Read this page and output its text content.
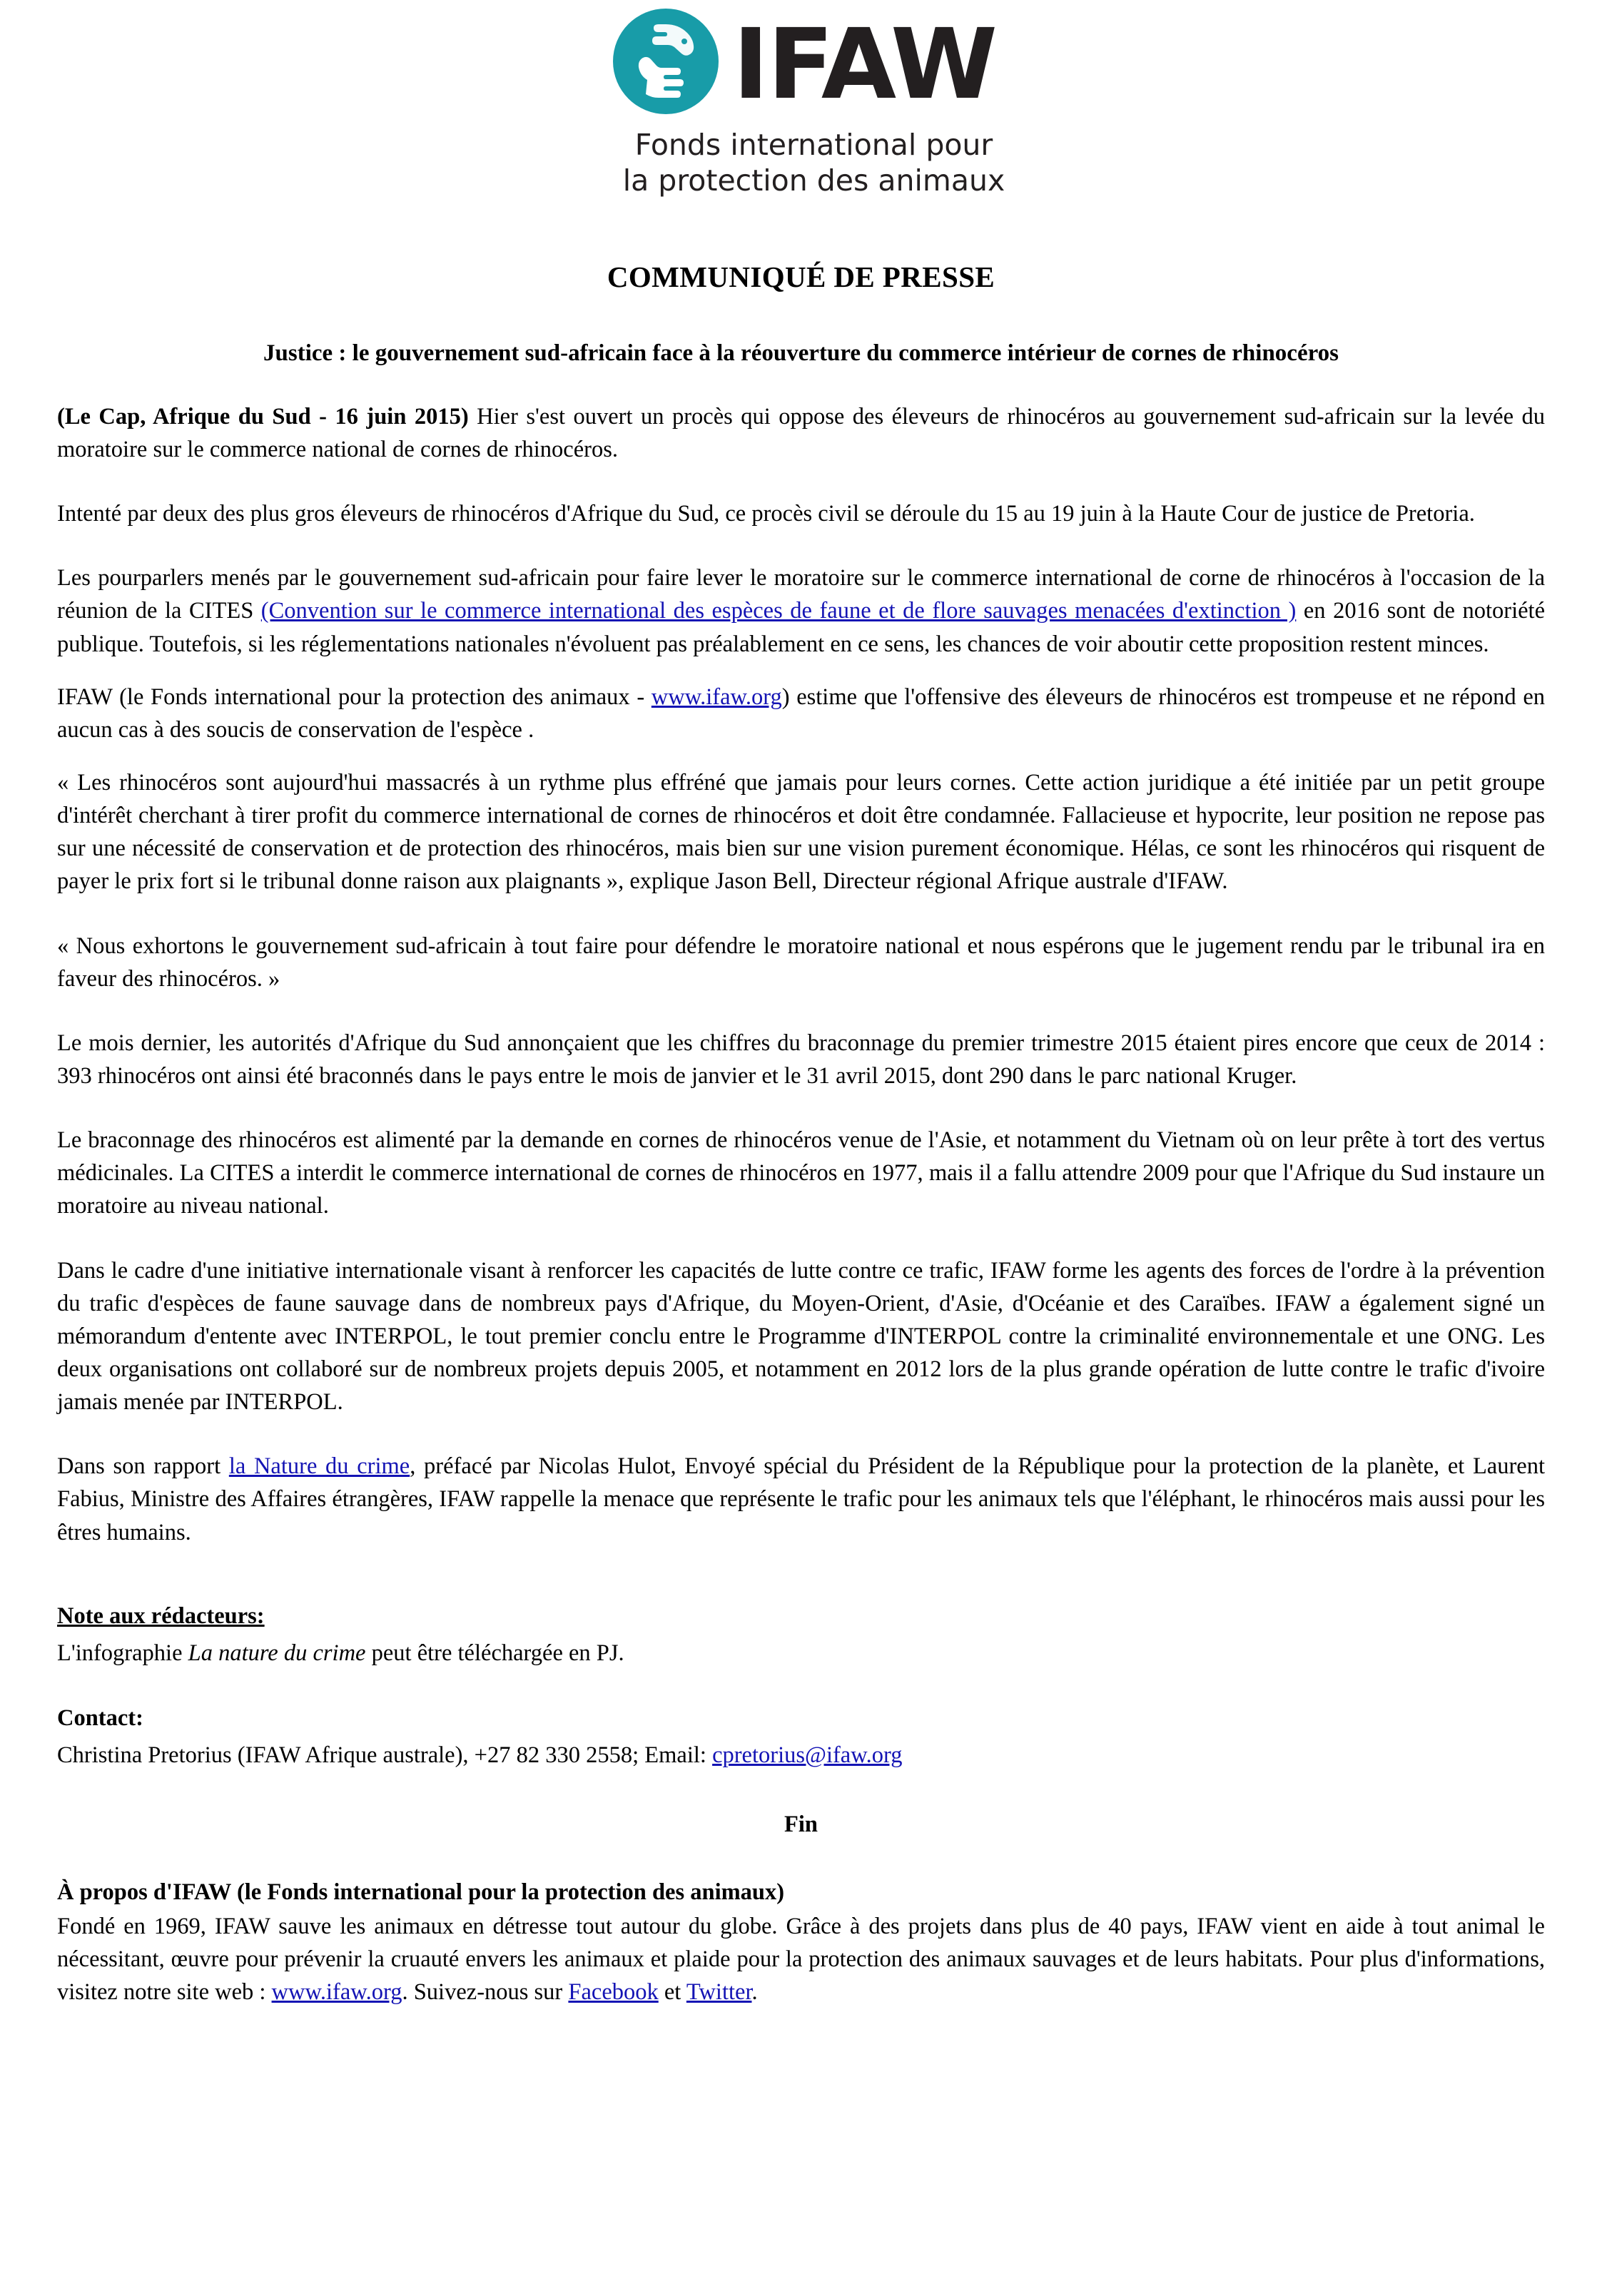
IFAW
Fonds international pour
la protection des animaux
COMMUNIQUÉ DE PRESSE
Justice : le gouvernement sud-africain face à la réouverture du commerce intérieur de cornes de rhinocéros

(Le Cap, Afrique du Sud - 16 juin 2015) Hier s'est ouvert un procès qui oppose des éleveurs de rhinocéros au gouvernement sud-africain sur la levée du moratoire sur le commerce national de cornes de rhinocéros.

Intenté par deux des plus gros éleveurs de rhinocéros d'Afrique du Sud, ce procès civil se déroule du 15 au 19 juin à la Haute Cour de justice de Pretoria.

Les pourparlers menés par le gouvernement sud-africain pour faire lever le moratoire sur le commerce international de corne de rhinocéros à l'occasion de la réunion de la CITES (Convention sur le commerce international des espèces de faune et de flore sauvages menacées d'extinction ) en 2016 sont de notoriété publique. Toutefois, si les réglementations nationales n'évoluent pas préalablement en ce sens, les chances de voir aboutir cette proposition restent minces.

IFAW (le Fonds international pour la protection des animaux - www.ifaw.org) estime que l'offensive des éleveurs de rhinocéros est trompeuse et ne répond en aucun cas à des soucis de conservation de l'espèce .

« Les rhinocéros sont aujourd'hui massacrés à un rythme plus effréné que jamais pour leurs cornes. Cette action juridique a été initiée par un petit groupe d'intérêt cherchant à tirer profit du commerce international de cornes de rhinocéros et doit être condamnée. Fallacieuse et hypocrite, leur position ne repose pas sur une nécessité de conservation et de protection des rhinocéros, mais bien sur une vision purement économique. Hélas, ce sont les rhinocéros qui risquent de payer le prix fort si le tribunal donne raison aux plaignants », explique Jason Bell, Directeur régional Afrique australe d'IFAW.

« Nous exhortons le gouvernement sud-africain à tout faire pour défendre le moratoire national et nous espérons que le jugement rendu par le tribunal ira en faveur des rhinocéros. »

Le mois dernier, les autorités d'Afrique du Sud annonçaient que les chiffres du braconnage du premier trimestre 2015 étaient pires encore que ceux de 2014 : 393 rhinocéros ont ainsi été braconnés dans le pays entre le mois de janvier et le 31 avril 2015, dont 290 dans le parc national Kruger.

Le braconnage des rhinocéros est alimenté par la demande en cornes de rhinocéros venue de l'Asie, et notamment du Vietnam où on leur prête à tort des vertus médicinales. La CITES a interdit le commerce international de cornes de rhinocéros en 1977, mais il a fallu attendre 2009 pour que l'Afrique du Sud instaure un moratoire au niveau national.

Dans le cadre d'une initiative internationale visant à renforcer les capacités de lutte contre ce trafic, IFAW forme les agents des forces de l'ordre à la prévention du trafic d'espèces de faune sauvage dans de nombreux pays d'Afrique, du Moyen-Orient, d'Asie, d'Océanie et des Caraïbes. IFAW a également signé un mémorandum d'entente avec INTERPOL, le tout premier conclu entre le Programme d'INTERPOL contre la criminalité environnementale et une ONG. Les deux organisations ont collaboré sur de nombreux projets depuis 2005, et notamment en 2012 lors de la plus grande opération de lutte contre le trafic d'ivoire jamais menée par INTERPOL.

Dans son rapport la Nature du crime, préfacé par Nicolas Hulot, Envoyé spécial du Président de la République pour la protection de la planète, et Laurent Fabius, Ministre des Affaires étrangères, IFAW rappelle la menace que représente le trafic pour les animaux tels que l'éléphant, le rhinocéros mais aussi pour les êtres humains.

Note aux rédacteurs:

L'infographie La nature du crime peut être téléchargée en PJ.

Contact:

Christina Pretorius (IFAW Afrique australe), +27 82 330 2558; Email: cpretorius@ifaw.org

Fin
À propos d'IFAW (le Fonds international pour la protection des animaux)

Fondé en 1969, IFAW sauve les animaux en détresse tout autour du globe. Grâce à des projets dans plus de 40 pays, IFAW vient en aide à tout animal le nécessitant, œuvre pour prévenir la cruauté envers les animaux et plaide pour la protection des animaux sauvages et de leurs habitats. Pour plus d'informations, visitez notre site web : www.ifaw.org. Suivez-nous sur Facebook et Twitter.
